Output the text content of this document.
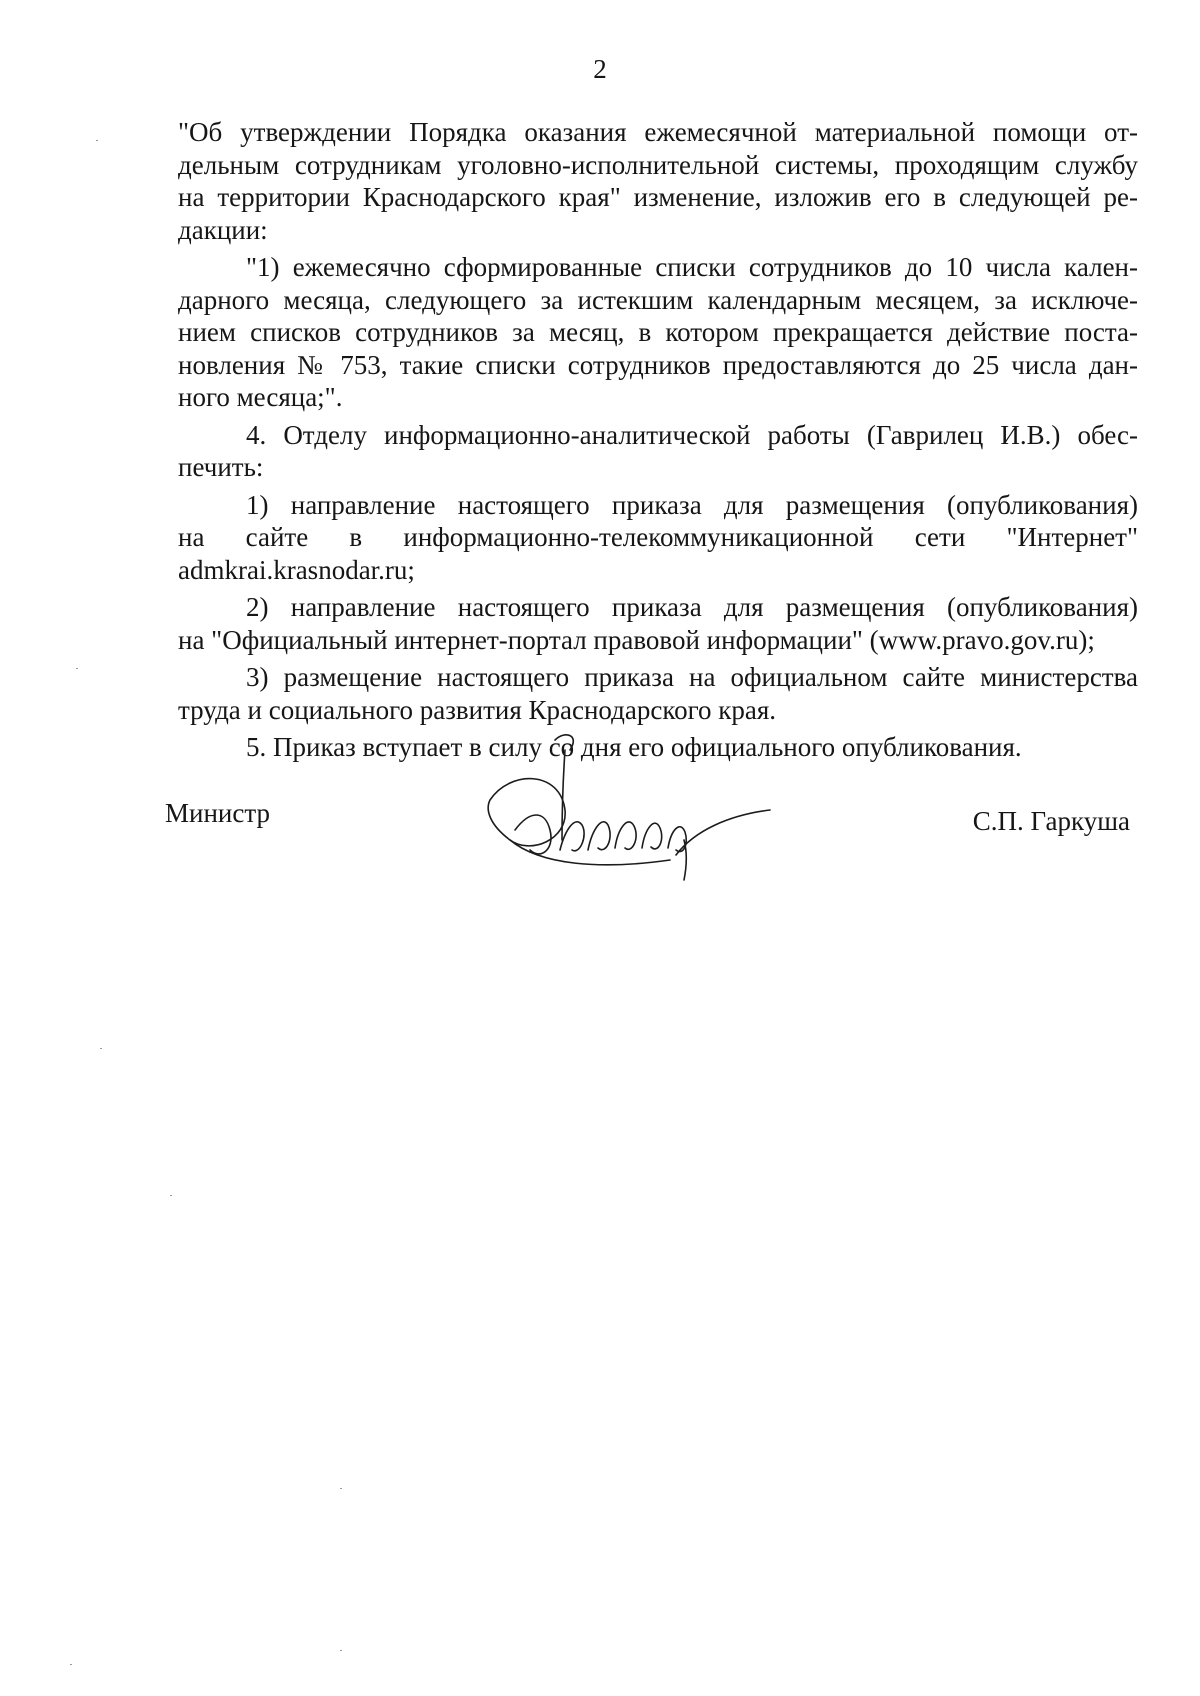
2

"Об утверждении Порядка оказания ежемесячной материальной помощи от-
дельным сотрудникам уголовно-исполнительной системы, проходящим службу
на территории Краснодарского края" изменение, изложив его в следующей ре-
дакции:

"1) ежемесячно сформированные списки сотрудников до 10 числа кален-
дарного месяца, следующего за истекшим календарным месяцем, за исключе-
нием списков сотрудников за месяц, в котором прекращается действие поста-
новления № 753, такие списки сотрудников предоставляются до 25 числа дан-
ного месяца;".

4. Отделу информационно-аналитической работы (Гаврилец И.В.) обес-
печить:

1) направление настоящего приказа для размещения (опубликования)
на сайте в информационно-телекоммуникационной сети "Интернет"
admkrai.krasnodar.ru;

2) направление настоящего приказа для размещения (опубликования)
на "Официальный интернет-портал правовой информации" (www.pravo.gov.ru);

3) размещение настоящего приказа на официальном сайте министерства
труда и социального развития Краснодарского края.

5. Приказ вступает в силу со дня его официального опубликования.

Министр	С.П. Гаркуша
